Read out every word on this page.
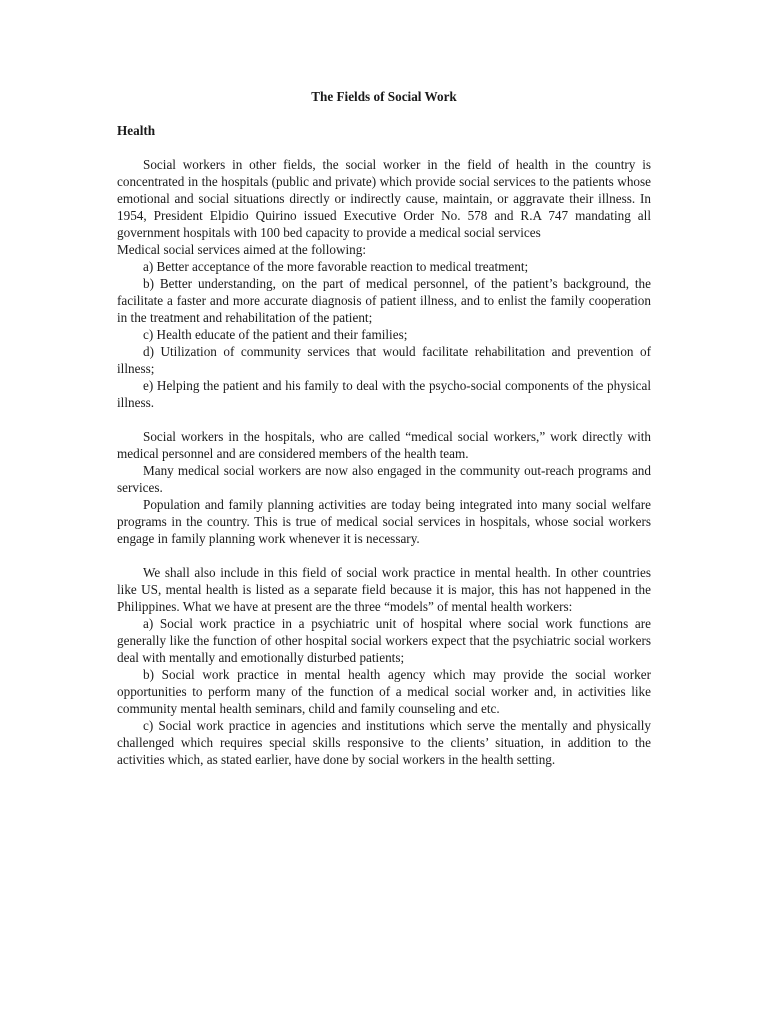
The Fields of Social Work

Health

Social workers in other fields, the social worker in the field of health in the country is concentrated in the hospitals (public and private) which provide social services to the patients whose emotional and social situations directly or indirectly cause, maintain, or aggravate their illness. In 1954, President Elpidio Quirino issued Executive Order No. 578 and R.A 747 mandating all government hospitals with 100 bed capacity to provide a medical social services

Medical social services aimed at the following:

a) Better acceptance of the more favorable reaction to medical treatment;

b) Better understanding, on the part of medical personnel, of the patient’s background, the facilitate a faster and more accurate diagnosis of patient illness, and to enlist the family cooperation in the treatment and rehabilitation of the patient;

c) Health educate of the patient and their families;

d) Utilization of community services that would facilitate rehabilitation and prevention of illness;

e) Helping the patient and his family to deal with the psycho-social components of the physical illness.

Social workers in the hospitals, who are called “medical social workers,” work directly with medical personnel and are considered members of the health team.

Many medical social workers are now also engaged in the community out-reach programs and services.

Population and family planning activities are today being integrated into many social welfare programs in the country. This is true of medical social services in hospitals, whose social workers engage in family planning work whenever it is necessary.

We shall also include in this field of social work practice in mental health. In other countries like US, mental health is listed as a separate field because it is major, this has not happened in the Philippines. What we have at present are the three “models” of mental health workers:

a) Social work practice in a psychiatric unit of hospital where social work functions are generally like the function of other hospital social workers expect that the psychiatric social workers deal with mentally and emotionally disturbed patients;

b) Social work practice in mental health agency which may provide the social worker opportunities to perform many of the function of a medical social worker and, in activities like community mental health seminars, child and family counseling and etc.

c) Social work practice in agencies and institutions which serve the mentally and physically challenged which requires special skills responsive to the clients’ situation, in addition to the activities which, as stated earlier, have done by social workers in the health setting.
